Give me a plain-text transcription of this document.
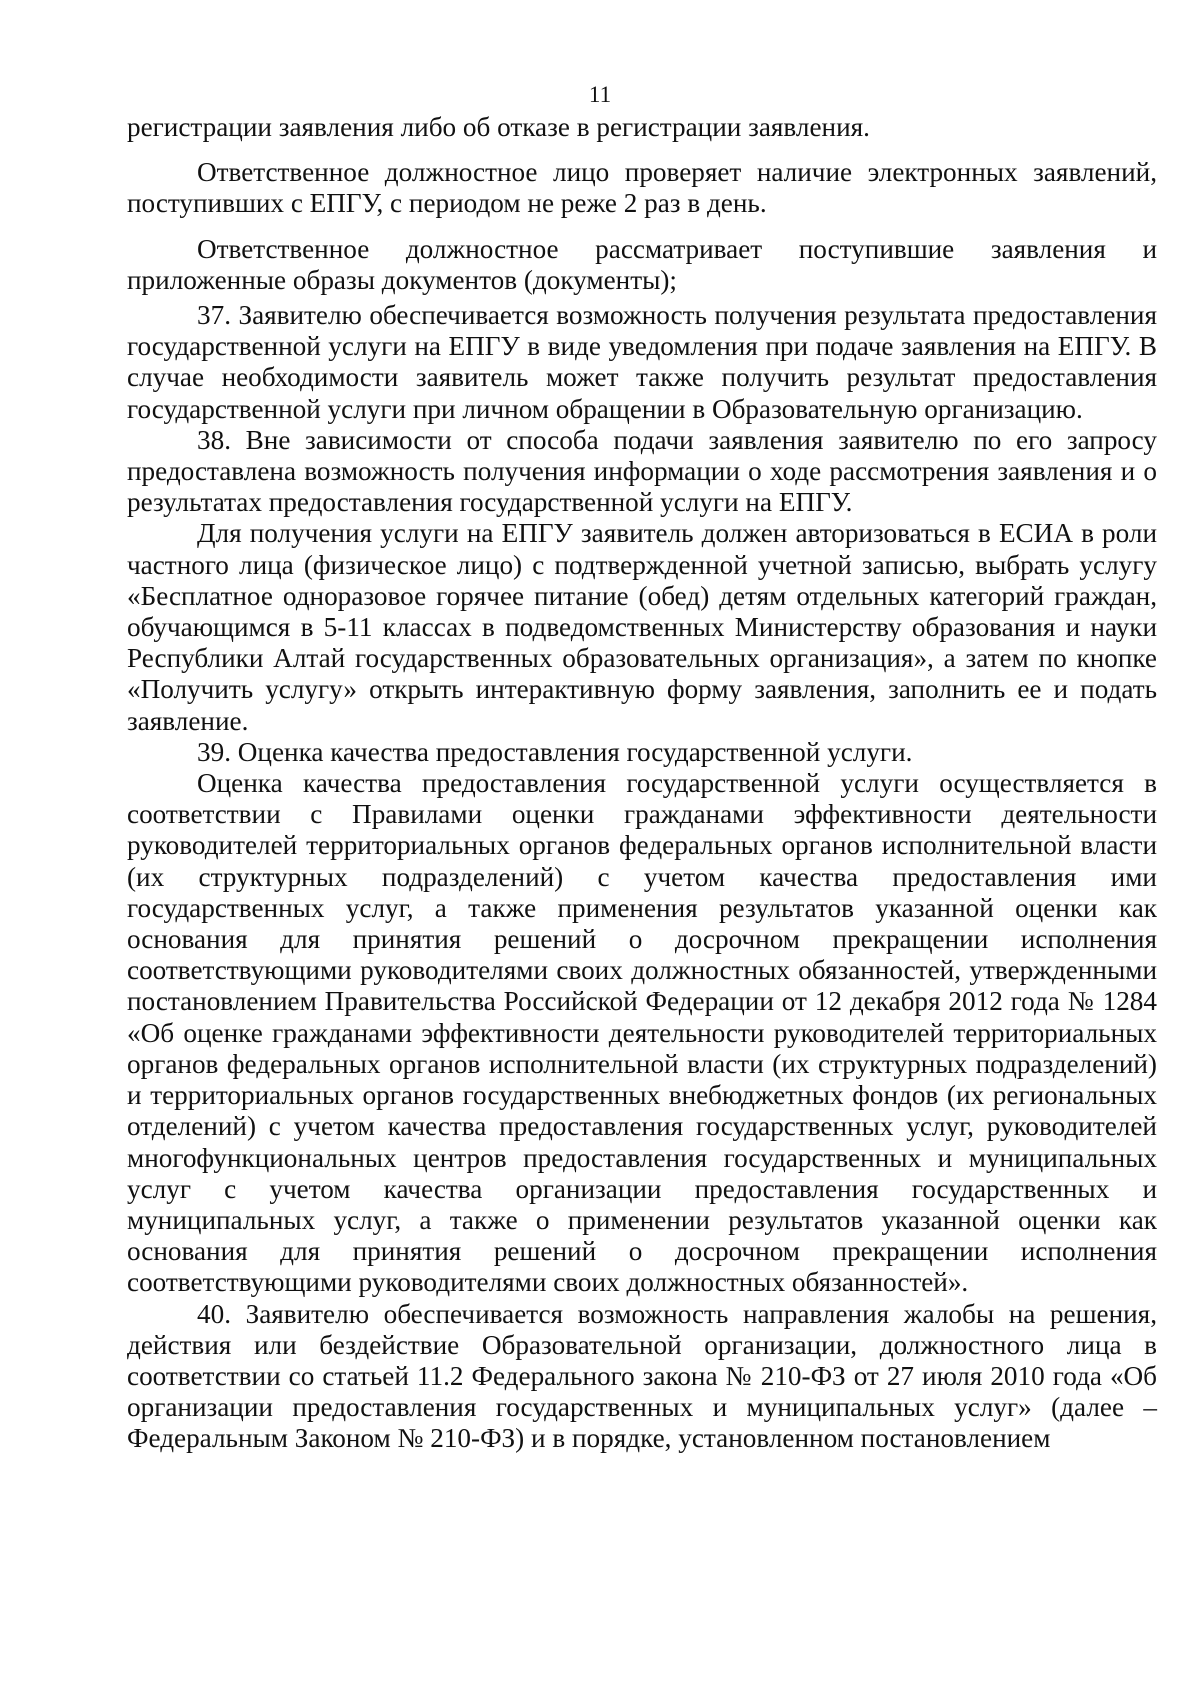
11

регистрации заявления либо об отказе в регистрации заявления.

Ответственное должностное лицо проверяет наличие электронных заявлений, поступивших с ЕПГУ, с периодом не реже 2 раз в день.

Ответственное должностное рассматривает поступившие заявления и приложенные образы документов (документы);

37. Заявителю обеспечивается возможность получения результата предоставления государственной услуги на ЕПГУ в виде уведомления при подаче заявления на ЕПГУ. В случае необходимости заявитель может также получить результат предоставления государственной услуги при личном обращении в Образовательную организацию.

38. Вне зависимости от способа подачи заявления заявителю по его запросу предоставлена возможность получения информации о ходе рассмотрения заявления и о результатах предоставления государственной услуги на ЕПГУ.

Для получения услуги на ЕПГУ заявитель должен авторизоваться в ЕСИА в роли частного лица (физическое лицо) с подтвержденной учетной записью, выбрать услугу «Бесплатное одноразовое горячее питание (обед) детям отдельных категорий граждан, обучающимся в 5-11 классах в подведомственных Министерству образования и науки Республики Алтай государственных образовательных организация», а затем по кнопке «Получить услугу» открыть интерактивную форму заявления, заполнить ее и подать заявление.

39. Оценка качества предоставления государственной услуги.

Оценка качества предоставления государственной услуги осуществляется в соответствии с Правилами оценки гражданами эффективности деятельности руководителей территориальных органов федеральных органов исполнительной власти (их структурных подразделений) с учетом качества предоставления ими государственных услуг, а также применения результатов указанной оценки как основания для принятия решений о досрочном прекращении исполнения соответствующими руководителями своих должностных обязанностей, утвержденными постановлением Правительства Российской Федерации от 12 декабря 2012 года № 1284 «Об оценке гражданами эффективности деятельности руководителей территориальных органов федеральных органов исполнительной власти (их структурных подразделений) и территориальных органов государственных внебюджетных фондов (их региональных отделений) с учетом качества предоставления государственных услуг, руководителей многофункциональных центров предоставления государственных и муниципальных услуг с учетом качества организации предоставления государственных и муниципальных услуг, а также о применении результатов указанной оценки как основания для принятия решений о досрочном прекращении исполнения соответствующими руководителями своих должностных обязанностей».

40. Заявителю обеспечивается возможность направления жалобы на решения, действия или бездействие Образовательной организации, должностного лица в соответствии со статьей 11.2 Федерального закона № 210-ФЗ от 27 июля 2010 года «Об организации предоставления государственных и муниципальных услуг» (далее – Федеральным Законом № 210-ФЗ) и в порядке, установленном постановлением
